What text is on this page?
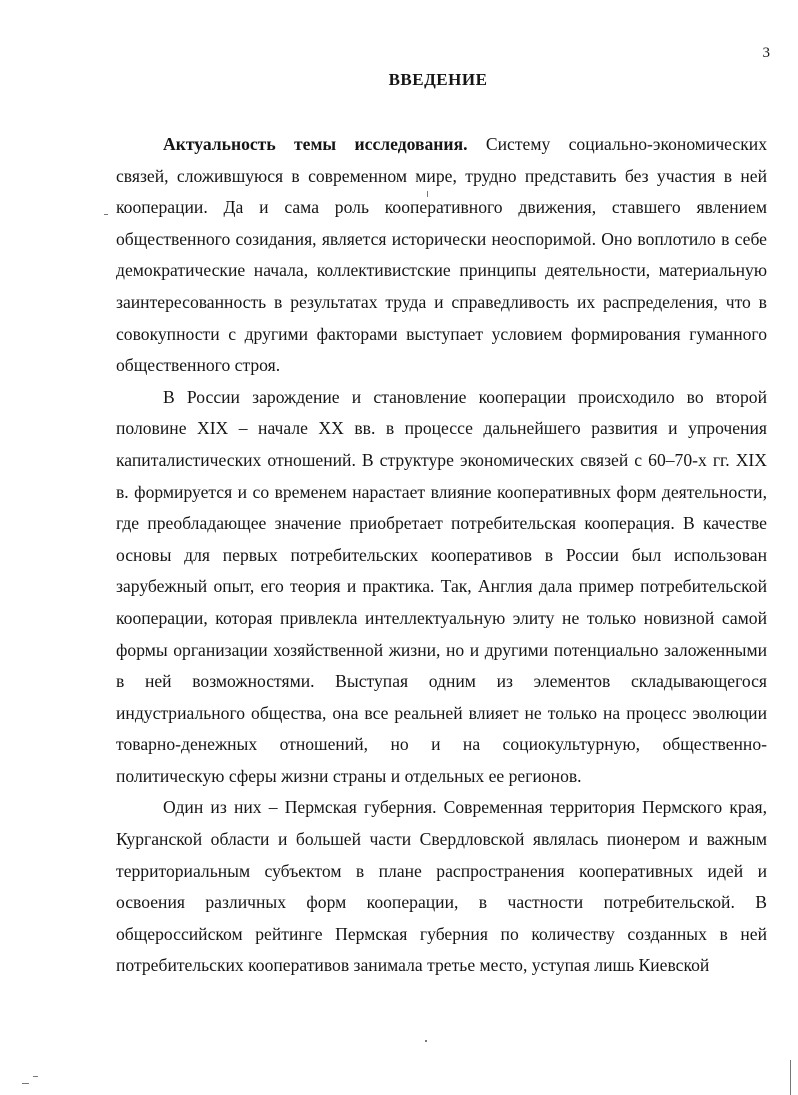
3
ВВЕДЕНИЕ

Актуальность темы исследования. Систему социально-экономических связей, сложившуюся в современном мире, трудно представить без участия в ней кооперации. Да и сама роль кооперативного движения, ставшего явлением общественного созидания, является исторически неоспоримой. Оно воплотило в себе демократические начала, коллективистские принципы деятельности, материальную заинтересованность в результатах труда и справедливость их распределения, что в совокупности с другими факторами выступает условием формирования гуманного общественного строя.

В России зарождение и становление кооперации происходило во второй половине XIX – начале XX вв. в процессе дальнейшего развития и упрочения капиталистических отношений. В структуре экономических связей с 60–70-х гг. XIX в. формируется и со временем нарастает влияние кооперативных форм деятельности, где преобладающее значение приобретает потребительская кооперация. В качестве основы для первых потребительских кооперативов в России был использован зарубежный опыт, его теория и практика. Так, Англия дала пример потребительской кооперации, которая привлекла интеллектуальную элиту не только новизной самой формы организации хозяйственной жизни, но и другими потенциально заложенными в ней возможностями. Выступая одним из элементов складывающегося индустриального общества, она все реальней влияет не только на процесс эволюции товарно-денежных отношений, но и на социокультурную, общественно-политическую сферы жизни страны и отдельных ее регионов.

Один из них – Пермская губерния. Современная территория Пермского края, Курганской области и большей части Свердловской являлась пионером и важным территориальным субъектом в плане распространения кооперативных идей и освоения различных форм кооперации, в частности потребительской. В общероссийском рейтинге Пермская губерния по количеству созданных в ней потребительских кооперативов занимала третье место, уступая лишь Киевской
